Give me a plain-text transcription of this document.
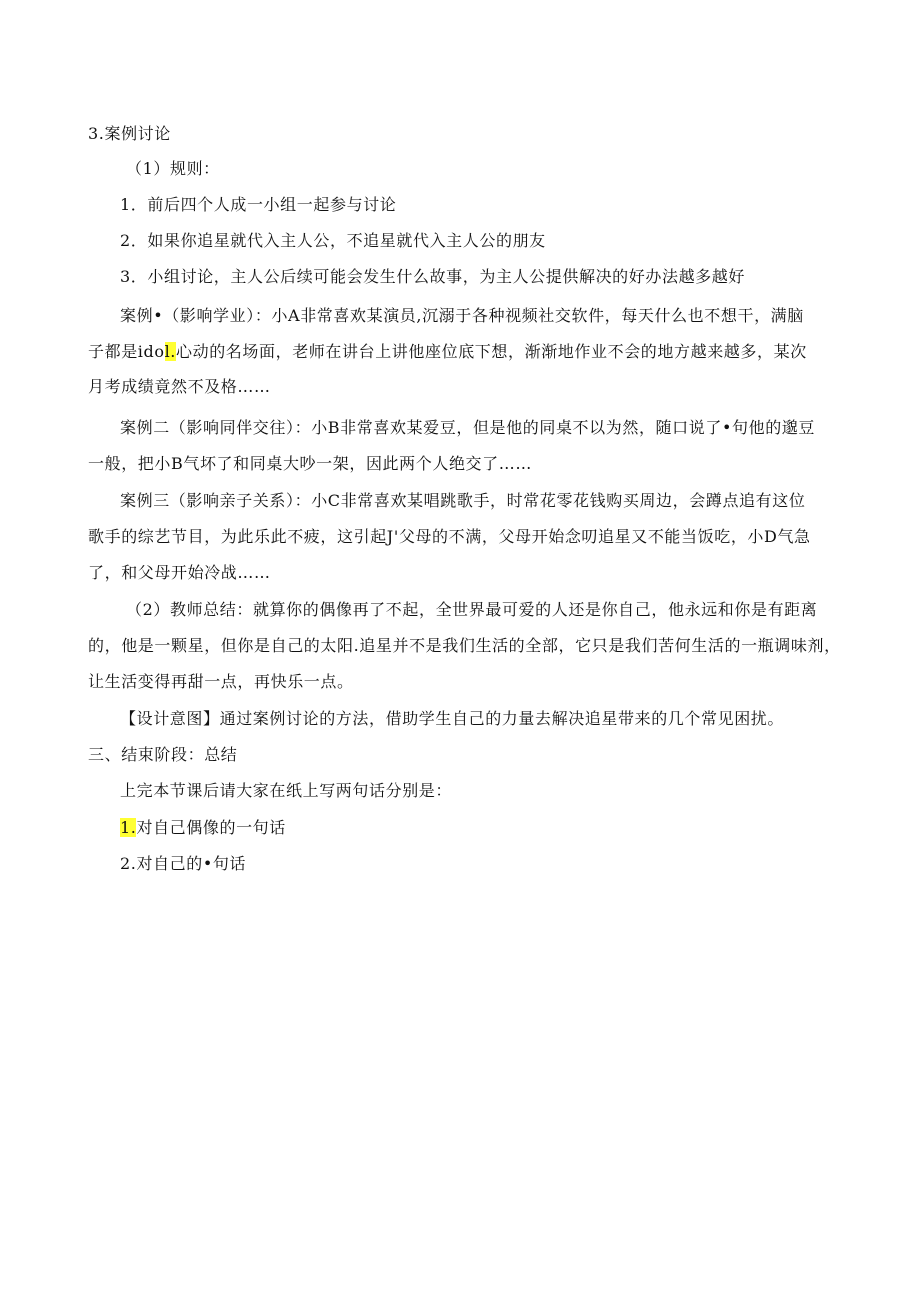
3.案例讨论
（1）规则：
1．前后四个人成一小组一起参与讨论
2．如果你追星就代入主人公，不追星就代入主人公的朋友
3．小组讨论，主人公后续可能会发生什么故事，为主人公提供解决的好办法越多越好
案例•（影响学业）：小A非常喜欢某演员,沉溺于各种视频社交软件，每天什么也不想干，满脑
子都是idol.心动的名场面，老师在讲台上讲他座位底下想，渐渐地作业不会的地方越来越多，某次
月考成绩竟然不及格……
案例二（影响同伴交往）：小B非常喜欢某爱豆，但是他的同桌不以为然，随口说了•句他的邈豆
一般，把小B气坏了和同桌大吵一架，因此两个人绝交了……
案例三（影响亲子关系）：小C非常喜欢某唱跳歌手，时常花零花钱购买周边，会蹲点追有这位
歌手的综艺节目，为此乐此不疲，这引起J'父母的不满，父母开始念叨追星又不能当饭吃，小D气急
了，和父母开始冷战……
（2）教师总结：就算你的偶像再了不起，全世界最可爱的人还是你自己，他永远和你是有距离
的，他是一颗星，但你是自己的太阳.追星并不是我们生活的全部，它只是我们苦何生活的一瓶调味剂，
让生活变得再甜一点，再快乐一点。
【设计意图】通过案例讨论的方法，借助学生自己的力量去解决追星带来的几个常见困扰。
三、结束阶段：总结
上完本节课后请大家在纸上写两句话分别是：
1.对自己偶像的一句话
2.对自己的•句话
